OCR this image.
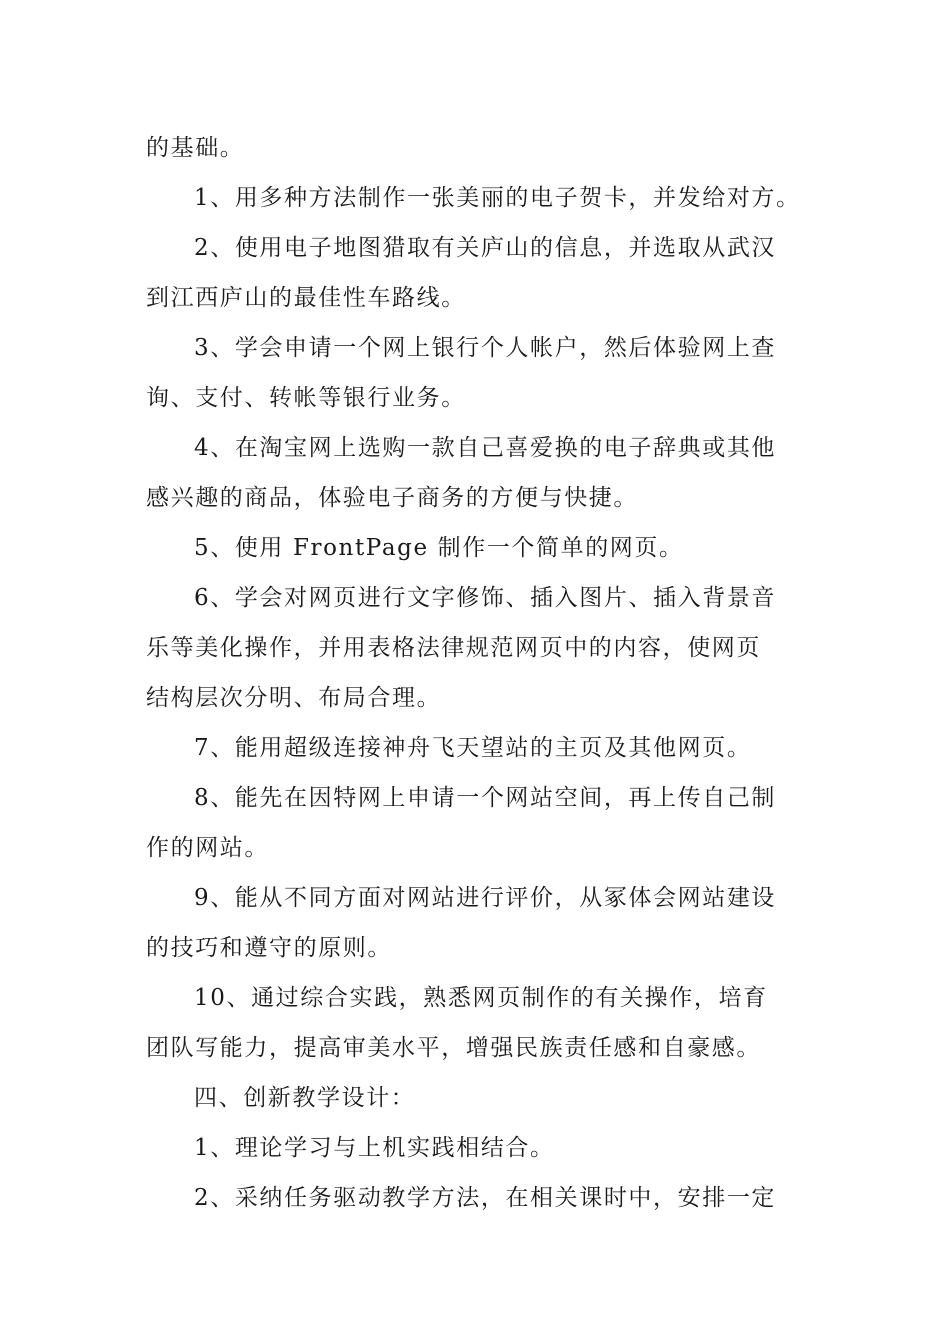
的基础。
1、用多种方法制作一张美丽的电子贺卡，并发给对方。
2、使用电子地图猎取有关庐山的信息，并选取从武汉
到江西庐山的最佳性车路线。
3、学会申请一个网上银行个人帐户，然后体验网上查
询、支付、转帐等银行业务。
4、在淘宝网上选购一款自己喜爱换的电子辞典或其他
感兴趣的商品，体验电子商务的方便与快捷。
5、使用 FrontPage 制作一个简单的网页。
6、学会对网页进行文字修饰、插入图片、插入背景音
乐等美化操作，并用表格法律规范网页中的内容，使网页
结构层次分明、布局合理。
7、能用超级连接神舟飞天望站的主页及其他网页。
8、能先在因特网上申请一个网站空间，再上传自己制
作的网站。
9、能从不同方面对网站进行评价，从冢体会网站建设
的技巧和遵守的原则。
10、通过综合实践，熟悉网页制作的有关操作，培育
团队写能力，提高审美水平，增强民族责任感和自豪感。
四、创新教学设计：
1、理论学习与上机实践相结合。
2、采纳任务驱动教学方法，在相关课时中，安排一定
